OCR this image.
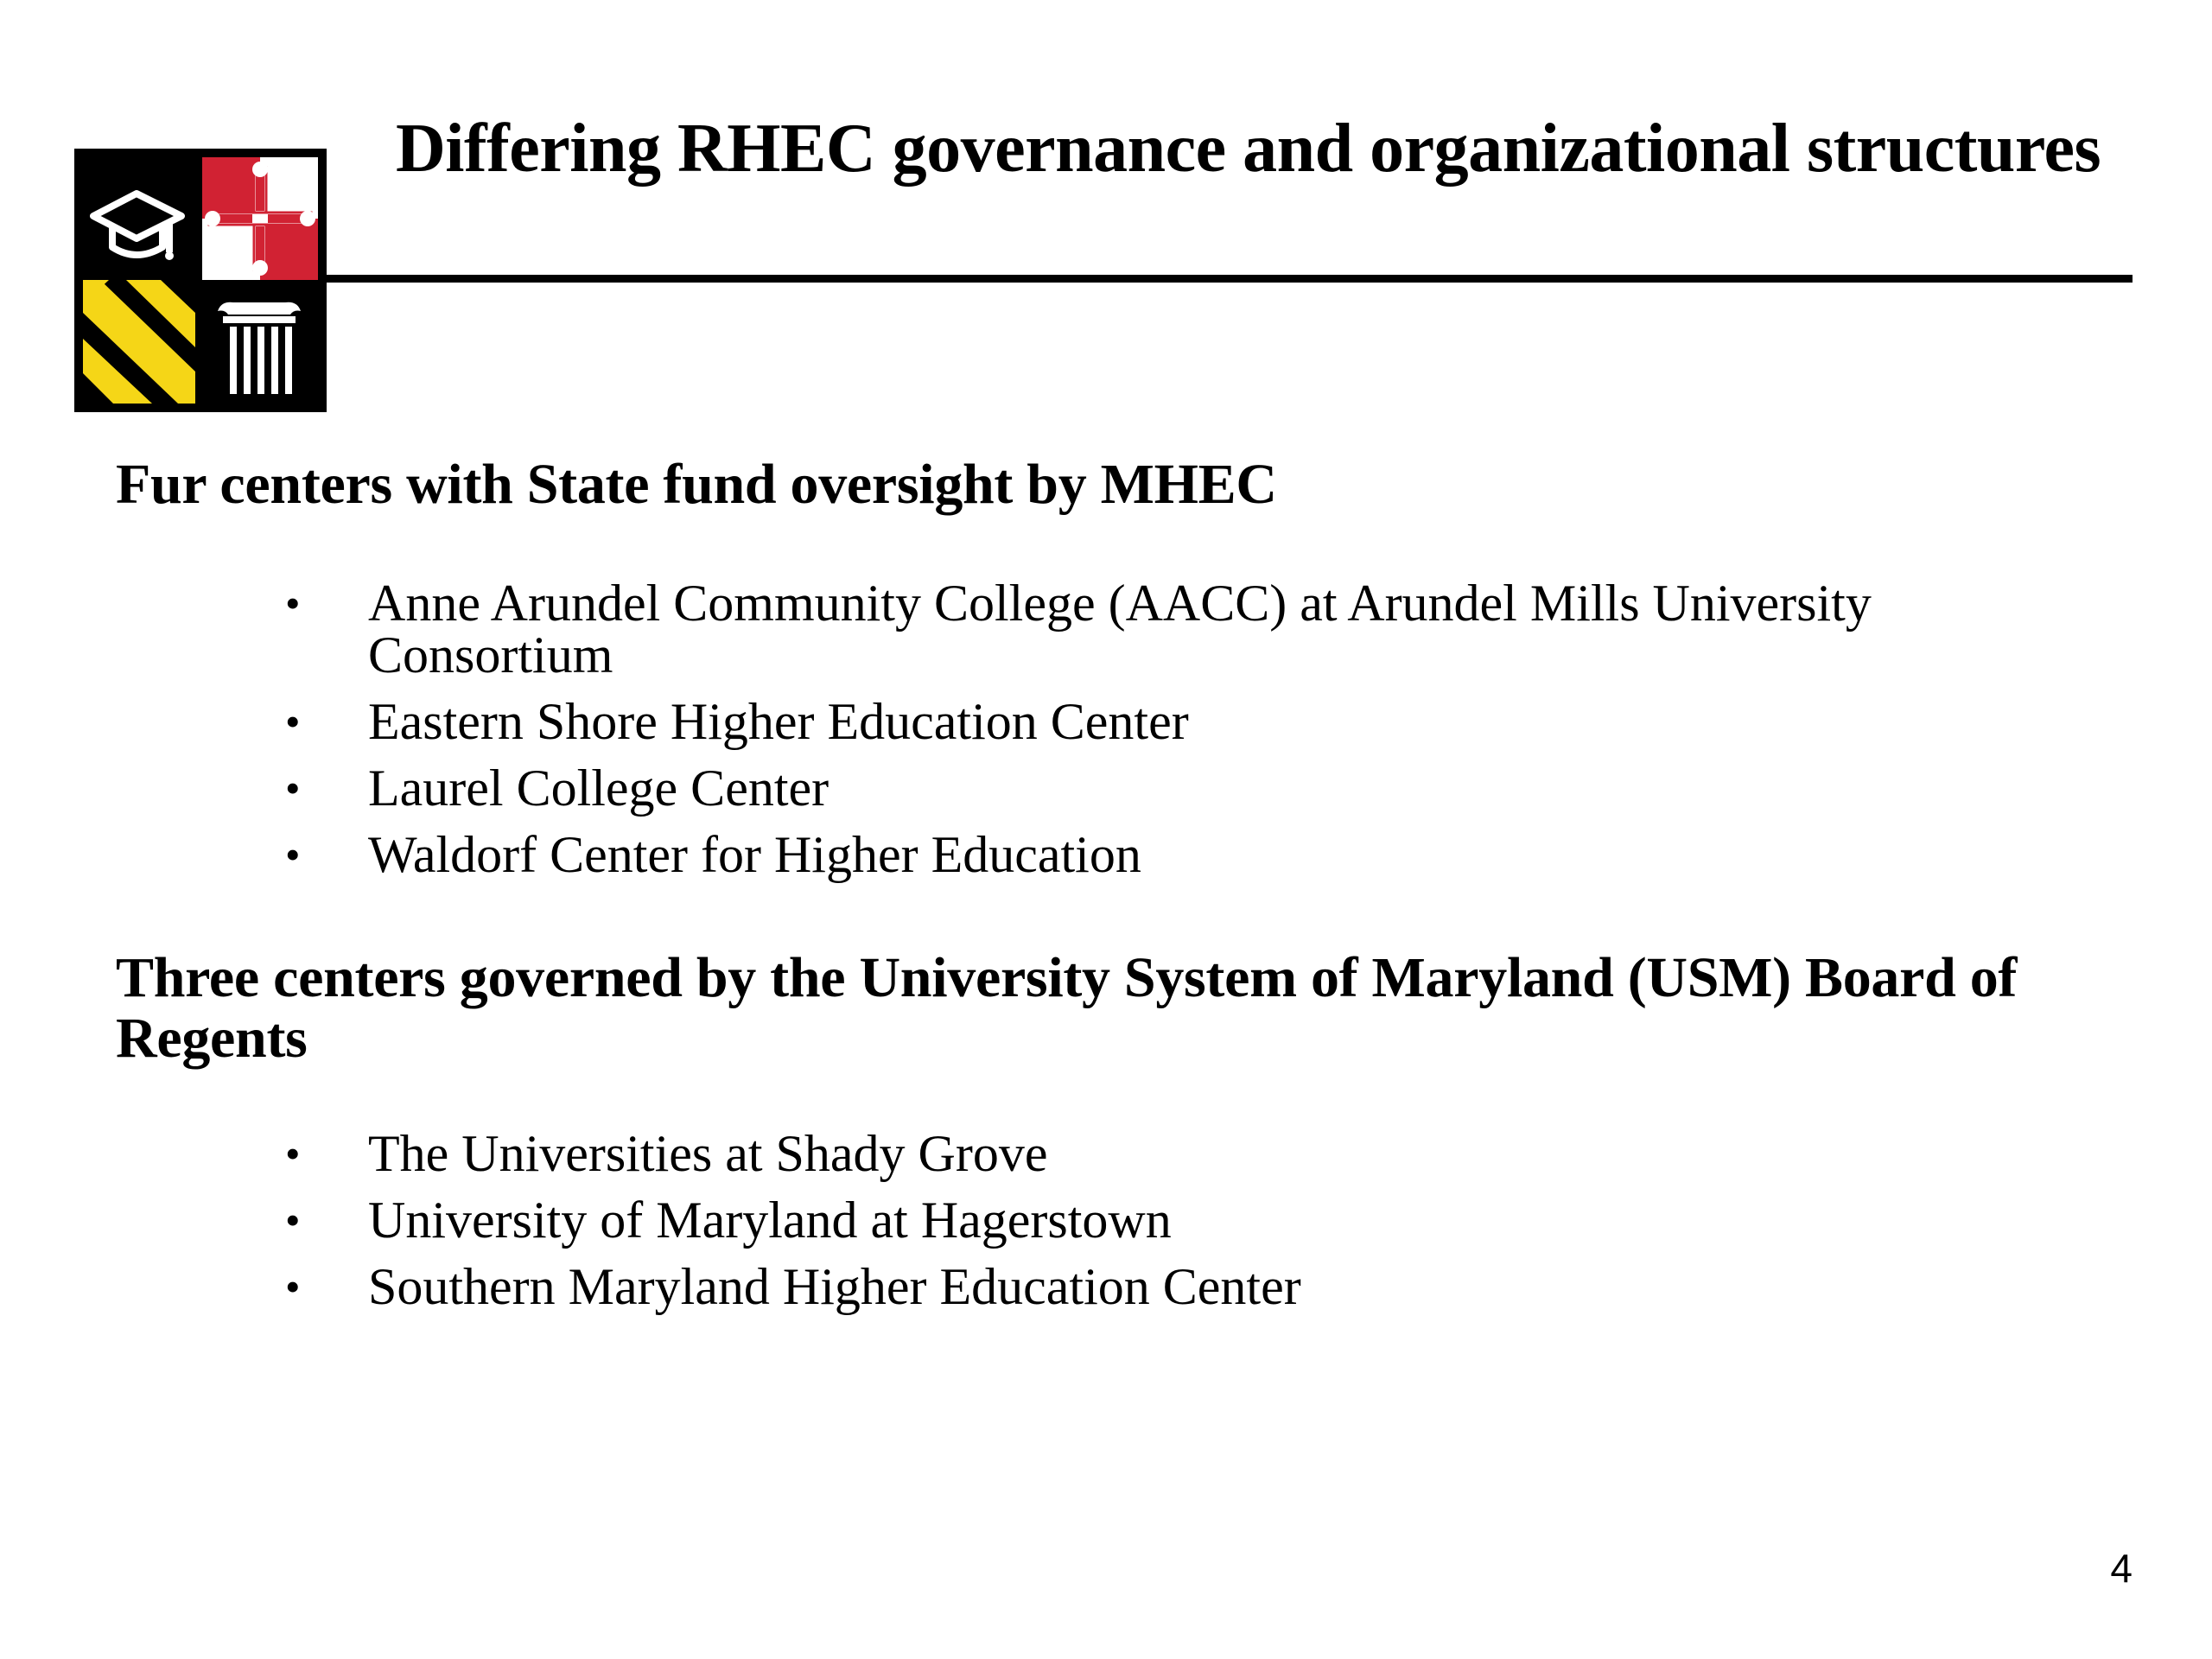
Differing RHEC governance and organizational structures
Fur centers with State fund oversight by MHEC
• Anne Arundel Community College (AACC) at Arundel Mills University Consortium
• Eastern Shore Higher Education Center
• Laurel College Center
• Waldorf Center for Higher Education
Three centers governed by the University System of Maryland (USM) Board of Regents
• The Universities at Shady Grove
• University of Maryland at Hagerstown
• Southern Maryland Higher Education Center
4
